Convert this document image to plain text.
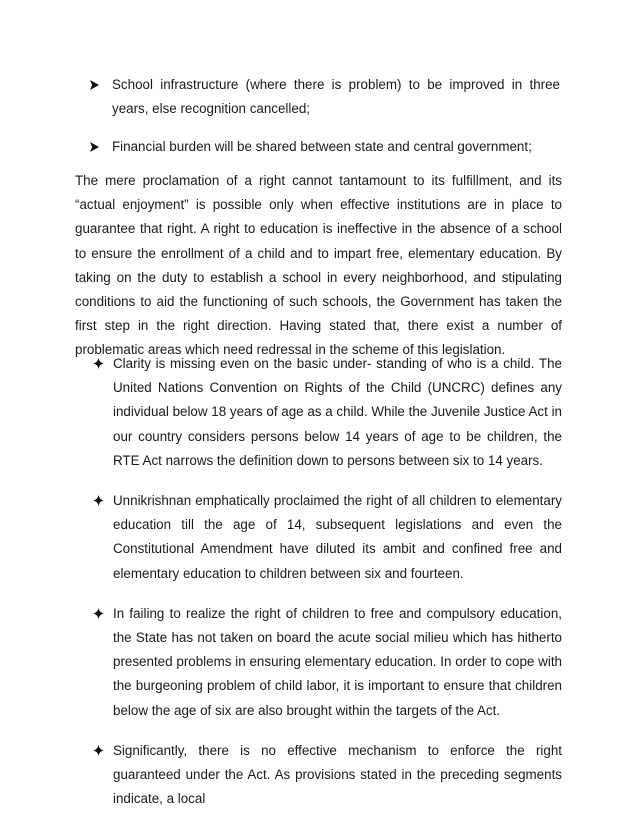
School infrastructure (where there is problem) to be improved in three years, else recognition cancelled;
Financial burden will be shared between state and central government;

The mere proclamation of a right cannot tantamount to its fulfillment, and its “actual enjoyment” is possible only when effective institutions are in place to guarantee that right. A right to education is ineffective in the absence of a school to ensure the enrollment of a child and to impart free, elementary education. By taking on the duty to establish a school in every neighborhood, and stipulating conditions to aid the functioning of such schools, the Government has taken the first step in the right direction. Having stated that, there exist a number of problematic areas which need redressal in the scheme of this legislation.

Clarity is missing even on the basic under- standing of who is a child. The United Nations Convention on Rights of the Child (UNCRC) defines any individual below 18 years of age as a child. While the Juvenile Justice Act in our country considers persons below 14 years of age to be children, the RTE Act narrows the definition down to persons between six to 14 years.
Unnikrishnan emphatically proclaimed the right of all children to elementary education till the age of 14, subsequent legislations and even the Constitutional Amendment have diluted its ambit and confined free and elementary education to children between six and fourteen.
In failing to realize the right of children to free and compulsory education, the State has not taken on board the acute social milieu which has hitherto presented problems in ensuring elementary education. In order to cope with the burgeoning problem of child labor, it is important to ensure that children below the age of six are also brought within the targets of the Act.
Significantly, there is no effective mechanism to enforce the right guaranteed under the Act. As provisions stated in the preceding segments indicate, a local
